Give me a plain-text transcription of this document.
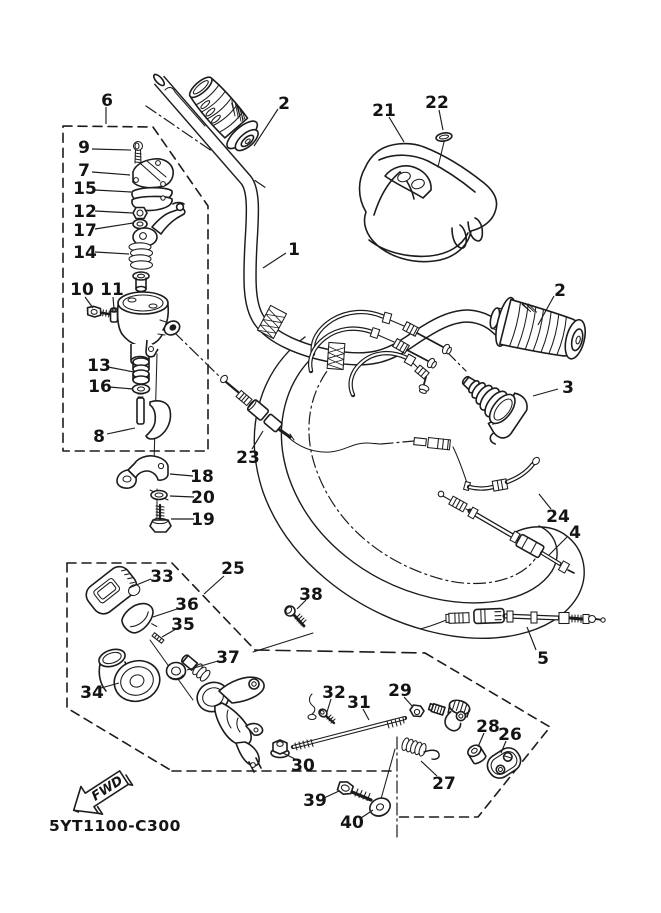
FWD
5YT1100-C300
1
2
2
3
4
5
6
7
8
9
10 11
12
13
14
15
16
17
18
19
20
21 22
23
24
25
26
27
28
29
30
31
32
33
34
35
36
37
38
39
40
